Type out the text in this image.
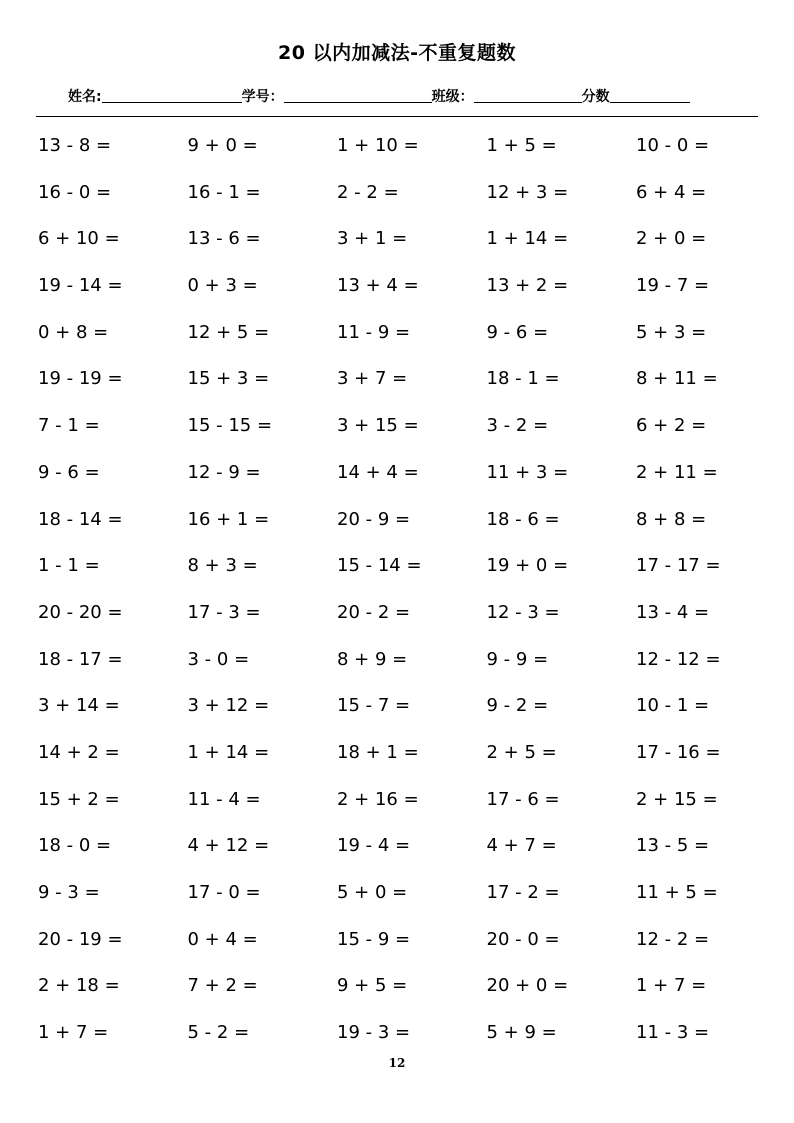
20 以内加减法-不重复题数
姓名:	学号：	班级：	分数
13 - 8 =	9 + 0 =	1 + 10 =	1 + 5 =	10 - 0 =
16 - 0 =	16 - 1 =	2 - 2 =	12 + 3 =	6 + 4 =
6 + 10 =	13 - 6 =	3 + 1 =	1 + 14 =	2 + 0 =
19 - 14 =	0 + 3 =	13 + 4 =	13 + 2 =	19 - 7 =
0 + 8 =	12 + 5 =	11 - 9 =	9 - 6 =	5 + 3 =
19 - 19 =	15 + 3 =	3 + 7 =	18 - 1 =	8 + 11 =
7 - 1 =	15 - 15 =	3 + 15 =	3 - 2 =	6 + 2 =
9 - 6 =	12 - 9 =	14 + 4 =	11 + 3 =	2 + 11 =
18 - 14 =	16 + 1 =	20 - 9 =	18 - 6 =	8 + 8 =
1 - 1 =	8 + 3 =	15 - 14 =	19 + 0 =	17 - 17 =
20 - 20 =	17 - 3 =	20 - 2 =	12 - 3 =	13 - 4 =
18 - 17 =	3 - 0 =	8 + 9 =	9 - 9 =	12 - 12 =
3 + 14 =	3 + 12 =	15 - 7 =	9 - 2 =	10 - 1 =
14 + 2 =	1 + 14 =	18 + 1 =	2 + 5 =	17 - 16 =
15 + 2 =	11 - 4 =	2 + 16 =	17 - 6 =	2 + 15 =
18 - 0 =	4 + 12 =	19 - 4 =	4 + 7 =	13 - 5 =
9 - 3 =	17 - 0 =	5 + 0 =	17 - 2 =	11 + 5 =
20 - 19 =	0 + 4 =	15 - 9 =	20 - 0 =	12 - 2 =
2 + 18 =	7 + 2 =	9 + 5 =	20 + 0 =	1 + 7 =
1 + 7 =	5 - 2 =	19 - 3 =	5 + 9 =	11 - 3 =
12
